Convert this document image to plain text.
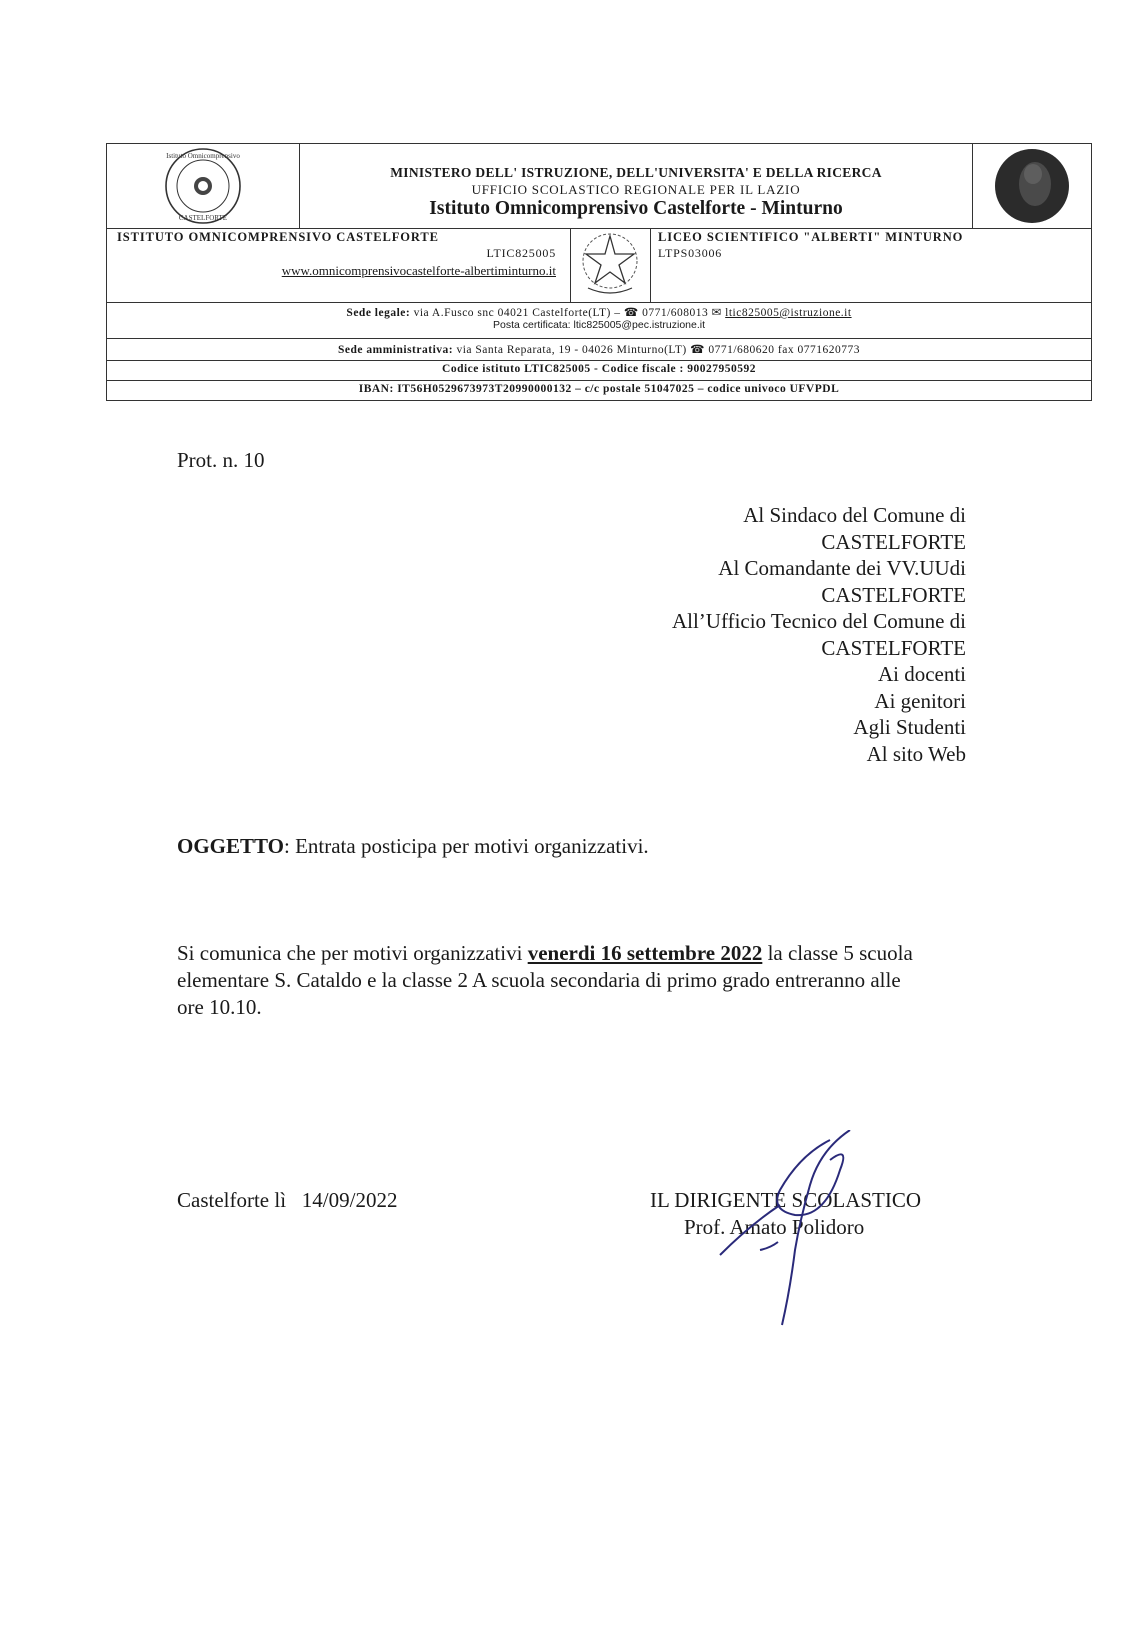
Istituto Omnicomprensivo
CASTELFORTE
MINISTERO DELL' ISTRUZIONE, DELL'UNIVERSITA' E DELLA RICERCA
UFFICIO SCOLASTICO REGIONALE PER IL LAZIO
Istituto Omnicomprensivo Castelforte - Minturno
ISTITUTO OMNICOMPRENSIVO CASTELFORTE
LTIC825005
www.omnicomprensivocastelforte-albertiminturno.it
LICEO SCIENTIFICO "ALBERTI" MINTURNO
LTPS03006
Sede legale: via A.Fusco snc 04021 Castelforte(LT) – ☎ 0771/608013 ✉ ltic825005@istruzione.it
Posta certificata: ltic825005@pec.istruzione.it
Sede amministrativa: via Santa Reparata, 19 - 04026 Minturno(LT) ☎ 0771/680620 fax 0771620773
Codice istituto LTIC825005 - Codice fiscale : 90027950592
IBAN: IT56H0529673973T20990000132 – c/c postale 51047025 – codice univoco UFVPDL
Prot. n. 10
Al Sindaco del Comune di
CASTELFORTE
Al Comandante dei VV.UUdi
CASTELFORTE
All’Ufficio Tecnico del Comune di
CASTELFORTE
Ai docenti
Ai genitori
Agli Studenti
Al sito Web
OGGETTO: Entrata posticipa per motivi organizzativi.
Si comunica che per motivi organizzativi venerdi 16 settembre 2022 la classe 5 scuola
elementare S. Cataldo e la classe 2 A scuola secondaria di primo grado entreranno alle
ore 10.10.
Castelforte lì   14/09/2022	IL DIRIGENTE SCOLASTICO
Prof. Amato Polidoro
